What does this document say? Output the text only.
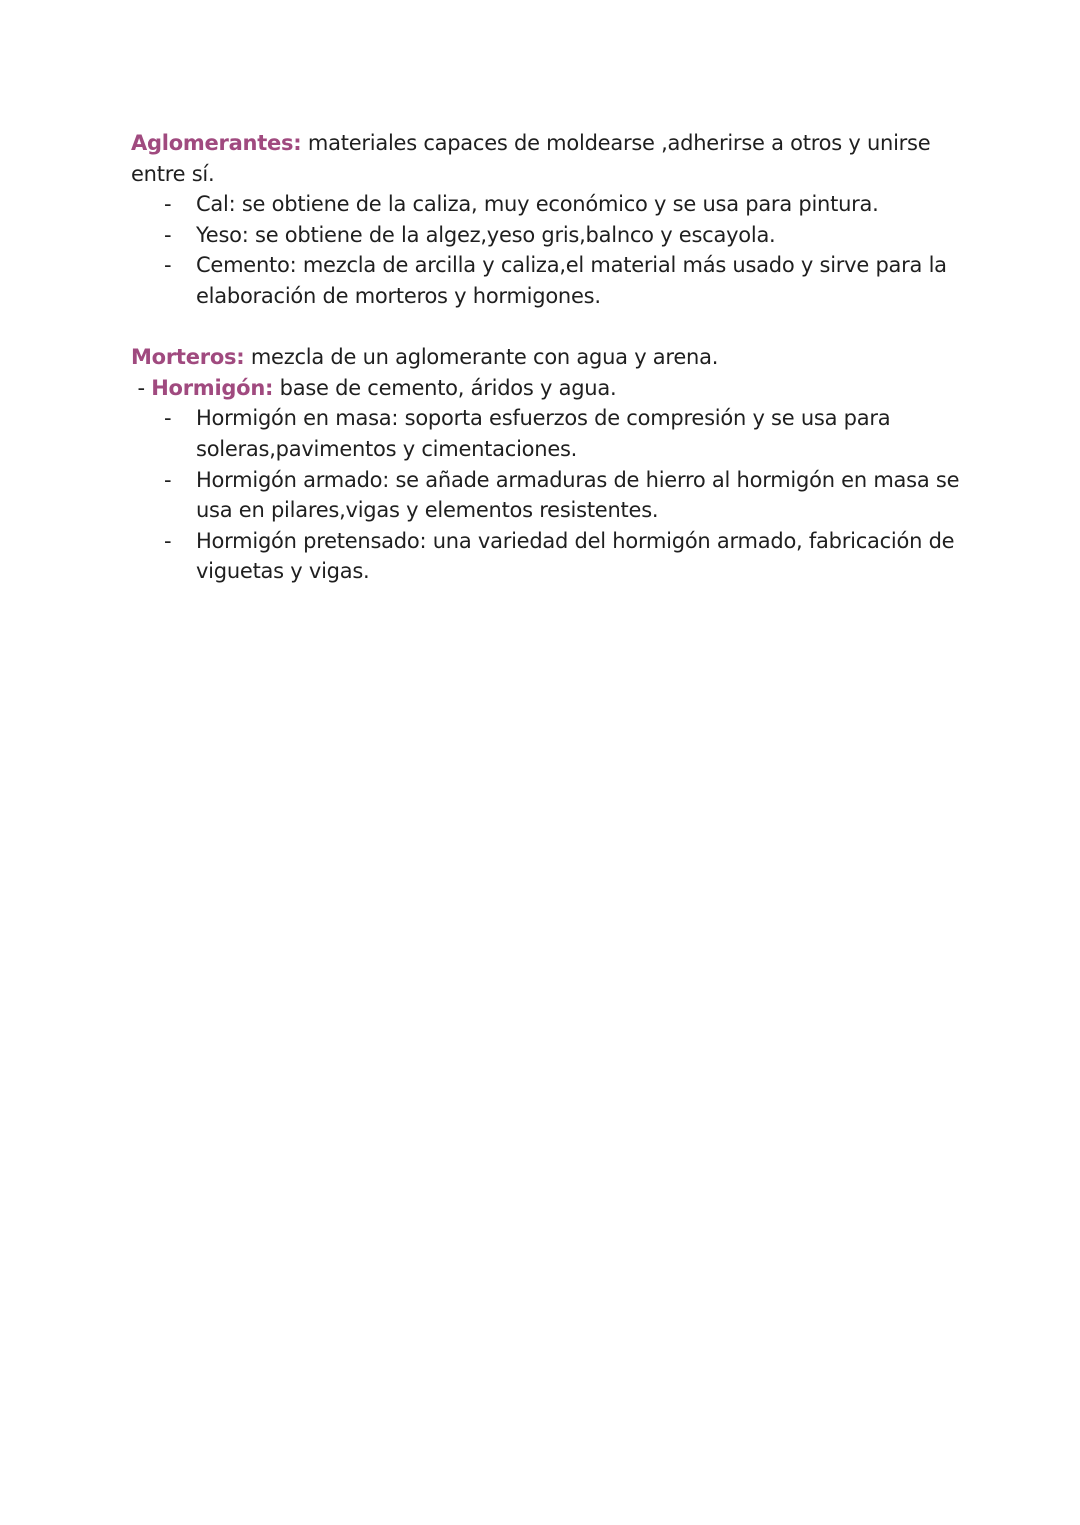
Aglomerantes: materiales capaces de moldearse ,adherirse a otros y unirse entre sí.

- Cal: se obtiene de la caliza, muy económico y se usa para pintura.
- Yeso: se obtiene de la algez,yeso gris,balnco y escayola.
- Cemento: mezcla de arcilla y caliza,el material más usado y sirve para la elaboración de morteros y hormigones.

Morteros: mezcla de un aglomerante con agua y arena.

- Hormigón: base de cemento, áridos y agua.

- Hormigón en masa: soporta esfuerzos de compresión y se usa para soleras,pavimentos y cimentaciones.
- Hormigón armado: se añade armaduras de hierro al hormigón en masa se usa en pilares,vigas y elementos resistentes.
- Hormigón pretensado: una variedad del hormigón armado, fabricación de viguetas y vigas.
